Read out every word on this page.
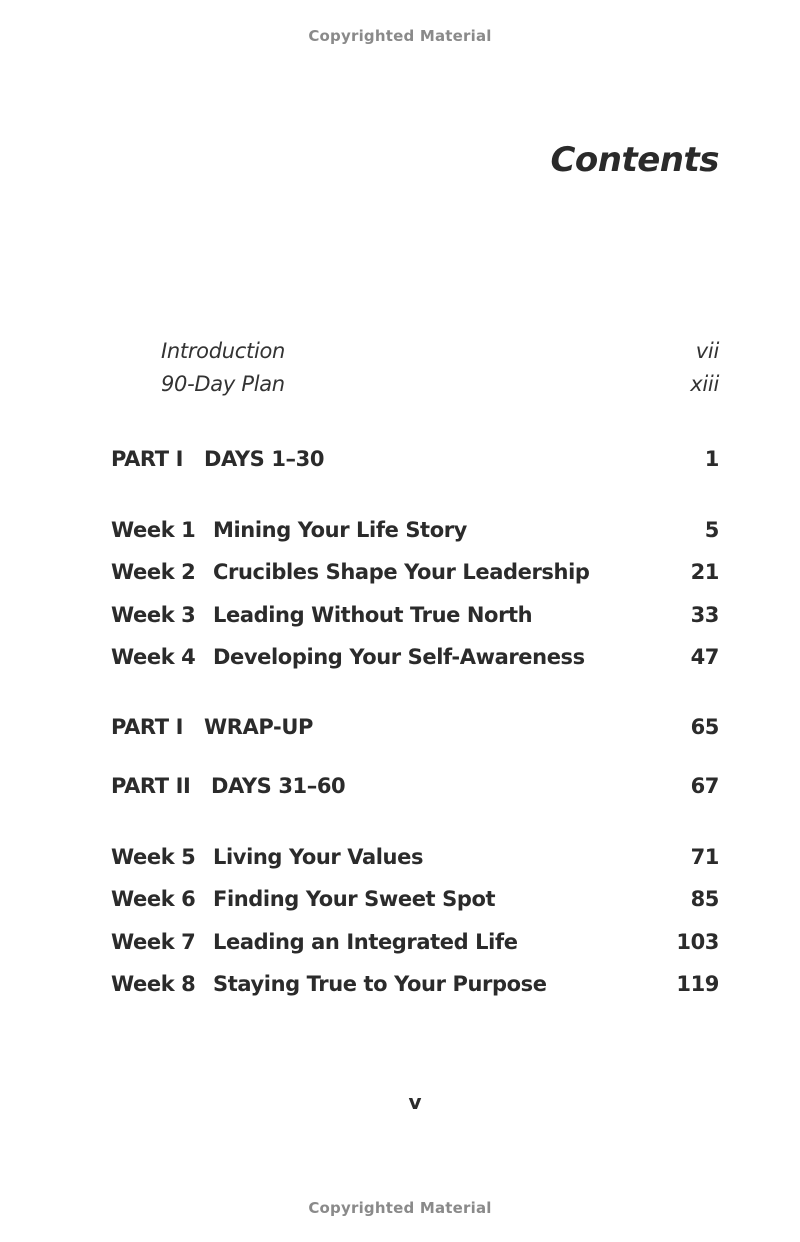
Copyrighted Material
Contents
Introduction	vii
90-Day Plan	xiii
PART I DAYS 1–30	1
Week 1 Mining Your Life Story	5
Week 2 Crucibles Shape Your Leadership	21
Week 3 Leading Without True North	33
Week 4 Developing Your Self-Awareness	47
PART I WRAP-UP	65
PART II DAYS 31–60	67
Week 5 Living Your Values	71
Week 6 Finding Your Sweet Spot	85
Week 7 Leading an Integrated Life	103
Week 8 Staying True to Your Purpose	119
v
Copyrighted Material
